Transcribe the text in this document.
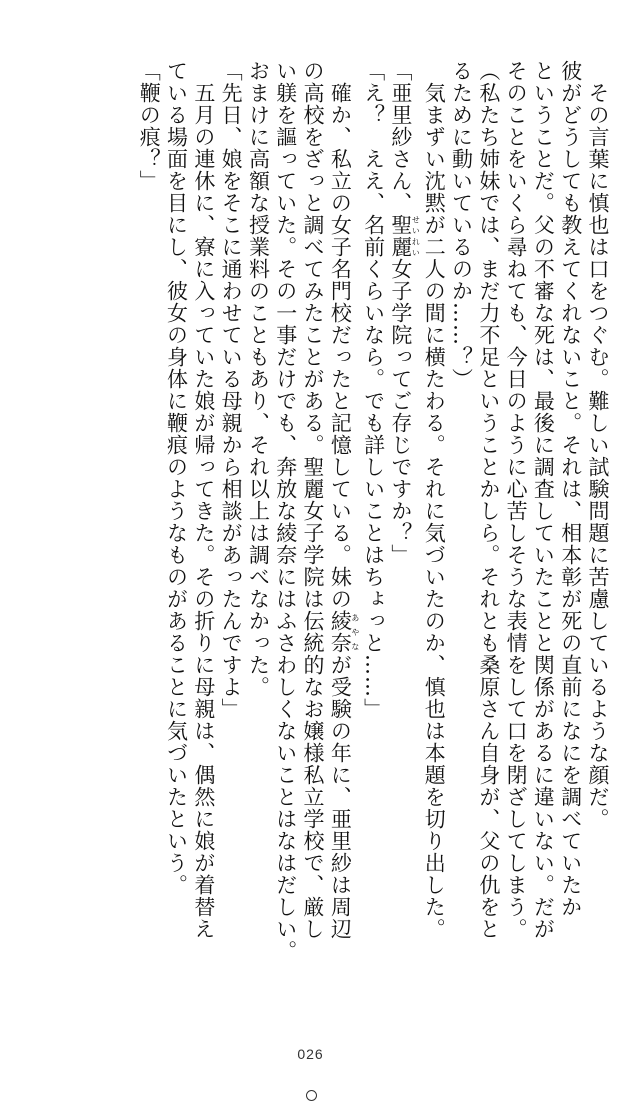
　その言葉に慎也は口をつぐむ。難しい試験問題に苦慮しているような顔だ。
彼がどうしても教えてくれないこと。それは、相本彰が死の直前になにを調べていたか
ということだ。父の不審な死は、最後に調査していたことと関係があるに違いない。だが
そのことをいくら尋ねても、今日のように心苦しそうな表情をして口を閉ざしてしまう。
（私たち姉妹では、まだ力不足ということかしら。それとも桑原さん自身が、父の仇をと
るために動いているのか……？）
　気まずい沈黙が二人の間に横たわる。それに気づいたのか、慎也は本題を切り出した。
「亜里紗さん、聖麗せいれい女子学院ってご存じですか？」
「え？　ええ、名前くらいなら。でも詳しいことはちょっと……」
　確か、私立の女子名門校だったと記憶している。妹の綾奈あやなが受験の年に、亜里紗は周辺
の高校をざっと調べてみたことがある。聖麗女子学院は伝統的なお嬢様私立学校で、厳し
い躾を謳っていた。その一事だけでも、奔放な綾奈にはふさわしくないことはなはだしい。
おまけに高額な授業料のこともあり、それ以上は調べなかった。
「先日、娘をそこに通わせている母親から相談があったんですよ」
　五月の連休に、寮に入っていた娘が帰ってきた。その折りに母親は、偶然に娘が着替え
ている場面を目にし、彼女の身体に鞭痕のようなものがあることに気づいたという。
「鞭の痕？」
026
